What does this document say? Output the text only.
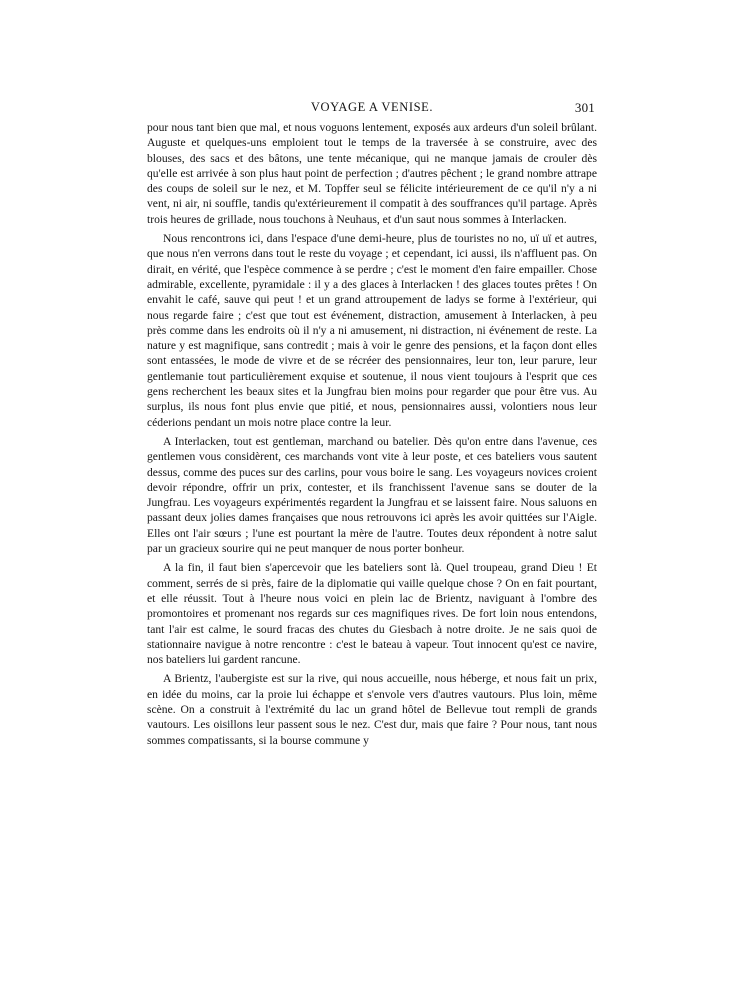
VOYAGE A VENISE.	301

pour nous tant bien que mal, et nous voguons lentement, exposés aux ardeurs d'un soleil brûlant. Auguste et quelques-uns emploient tout le temps de la traversée à se construire, avec des blouses, des sacs et des bâtons, une tente mécanique, qui ne manque jamais de crouler dès qu'elle est arrivée à son plus haut point de perfection ; d'autres pêchent ; le grand nombre attrape des coups de soleil sur le nez, et M. Topffer seul se félicite intérieurement de ce qu'il n'y a ni vent, ni air, ni souffle, tandis qu'extérieurement il compatit à des souffrances qu'il partage. Après trois heures de grillade, nous touchons à Neuhaus, et d'un saut nous sommes à Interlacken.

Nous rencontrons ici, dans l'espace d'une demi-heure, plus de touristes no no, uï uï et autres, que nous n'en verrons dans tout le reste du voyage ; et cependant, ici aussi, ils n'affluent pas. On dirait, en vérité, que l'espèce commence à se perdre ; c'est le moment d'en faire empailler. Chose admirable, excellente, pyramidale : il y a des glaces à Interlacken ! des glaces toutes prêtes ! On envahit le café, sauve qui peut ! et un grand attroupement de ladys se forme à l'extérieur, qui nous regarde faire ; c'est que tout est événement, distraction, amusement à Interlacken, à peu près comme dans les endroits où il n'y a ni amusement, ni distraction, ni événement de reste. La nature y est magnifique, sans contredit ; mais à voir le genre des pensions, et la façon dont elles sont entassées, le mode de vivre et de se récréer des pensionnaires, leur ton, leur parure, leur gentlemanie tout particulièrement exquise et soutenue, il nous vient toujours à l'esprit que ces gens recherchent les beaux sites et la Jungfrau bien moins pour regarder que pour être vus. Au surplus, ils nous font plus envie que pitié, et nous, pensionnaires aussi, volontiers nous leur céderions pendant un mois notre place contre la leur.

A Interlacken, tout est gentleman, marchand ou batelier. Dès qu'on entre dans l'avenue, ces gentlemen vous considèrent, ces marchands vont vite à leur poste, et ces bateliers vous sautent dessus, comme des puces sur des carlins, pour vous boire le sang. Les voyageurs novices croient devoir répondre, offrir un prix, contester, et ils franchissent l'avenue sans se douter de la Jungfrau. Les voyageurs expérimentés regardent la Jungfrau et se laissent faire. Nous saluons en passant deux jolies dames françaises que nous retrouvons ici après les avoir quittées sur l'Aigle. Elles ont l'air sœurs ; l'une est pourtant la mère de l'autre. Toutes deux répondent à notre salut par un gracieux sourire qui ne peut manquer de nous porter bonheur.

A la fin, il faut bien s'apercevoir que les bateliers sont là. Quel troupeau, grand Dieu ! Et comment, serrés de si près, faire de la diplomatie qui vaille quelque chose ? On en fait pourtant, et elle réussit. Tout à l'heure nous voici en plein lac de Brientz, naviguant à l'ombre des promontoires et promenant nos regards sur ces magnifiques rives. De fort loin nous entendons, tant l'air est calme, le sourd fracas des chutes du Giesbach à notre droite. Je ne sais quoi de stationnaire navigue à notre rencontre : c'est le bateau à vapeur. Tout innocent qu'est ce navire, nos bateliers lui gardent rancune.

A Brientz, l'aubergiste est sur la rive, qui nous accueille, nous héberge, et nous fait un prix, en idée du moins, car la proie lui échappe et s'envole vers d'autres vautours. Plus loin, même scène. On a construit à l'extrémité du lac un grand hôtel de Bellevue tout rempli de grands vautours. Les oisillons leur passent sous le nez. C'est dur, mais que faire ? Pour nous, tant nous sommes compatissants, si la bourse commune y
